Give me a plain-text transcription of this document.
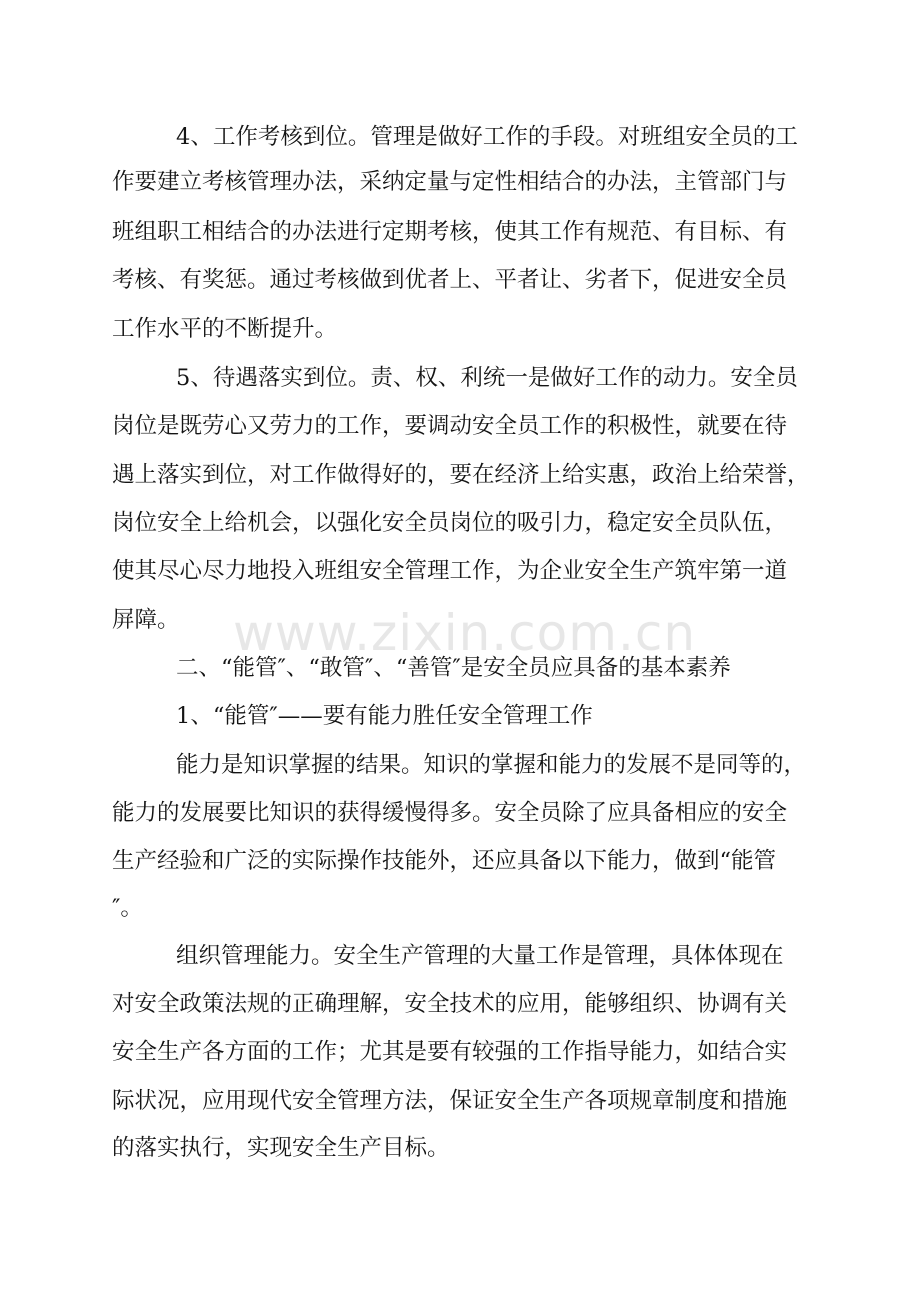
4、工作考核到位。管理是做好工作的手段。对班组安全员的工
作要建立考核管理办法，采纳定量与定性相结合的办法，主管部门与
班组职工相结合的办法进行定期考核，使其工作有规范、有目标、有
考核、有奖惩。通过考核做到优者上、平者让、劣者下，促进安全员
工作水平的不断提升。
5、待遇落实到位。责、权、利统一是做好工作的动力。安全员
岗位是既劳心又劳力的工作，要调动安全员工作的积极性，就要在待
遇上落实到位，对工作做得好的，要在经济上给实惠，政治上给荣誉，
岗位安全上给机会，以强化安全员岗位的吸引力，稳定安全员队伍，
使其尽心尽力地投入班组安全管理工作，为企业安全生产筑牢第一道
屏障。
二、“能管″、“敢管″、“善管″是安全员应具备的基本素养
1、“能管″——要有能力胜任安全管理工作
能力是知识掌握的结果。知识的掌握和能力的发展不是同等的，
能力的发展要比知识的获得缓慢得多。安全员除了应具备相应的安全
生产经验和广泛的实际操作技能外，还应具备以下能力，做到“能管
″。
组织管理能力。安全生产管理的大量工作是管理，具体体现在
对安全政策法规的正确理解，安全技术的应用，能够组织、协调有关
安全生产各方面的工作；尤其是要有较强的工作指导能力，如结合实
际状况，应用现代安全管理方法，保证安全生产各项规章制度和措施
的落实执行，实现安全生产目标。
www.zixin.com.cn
